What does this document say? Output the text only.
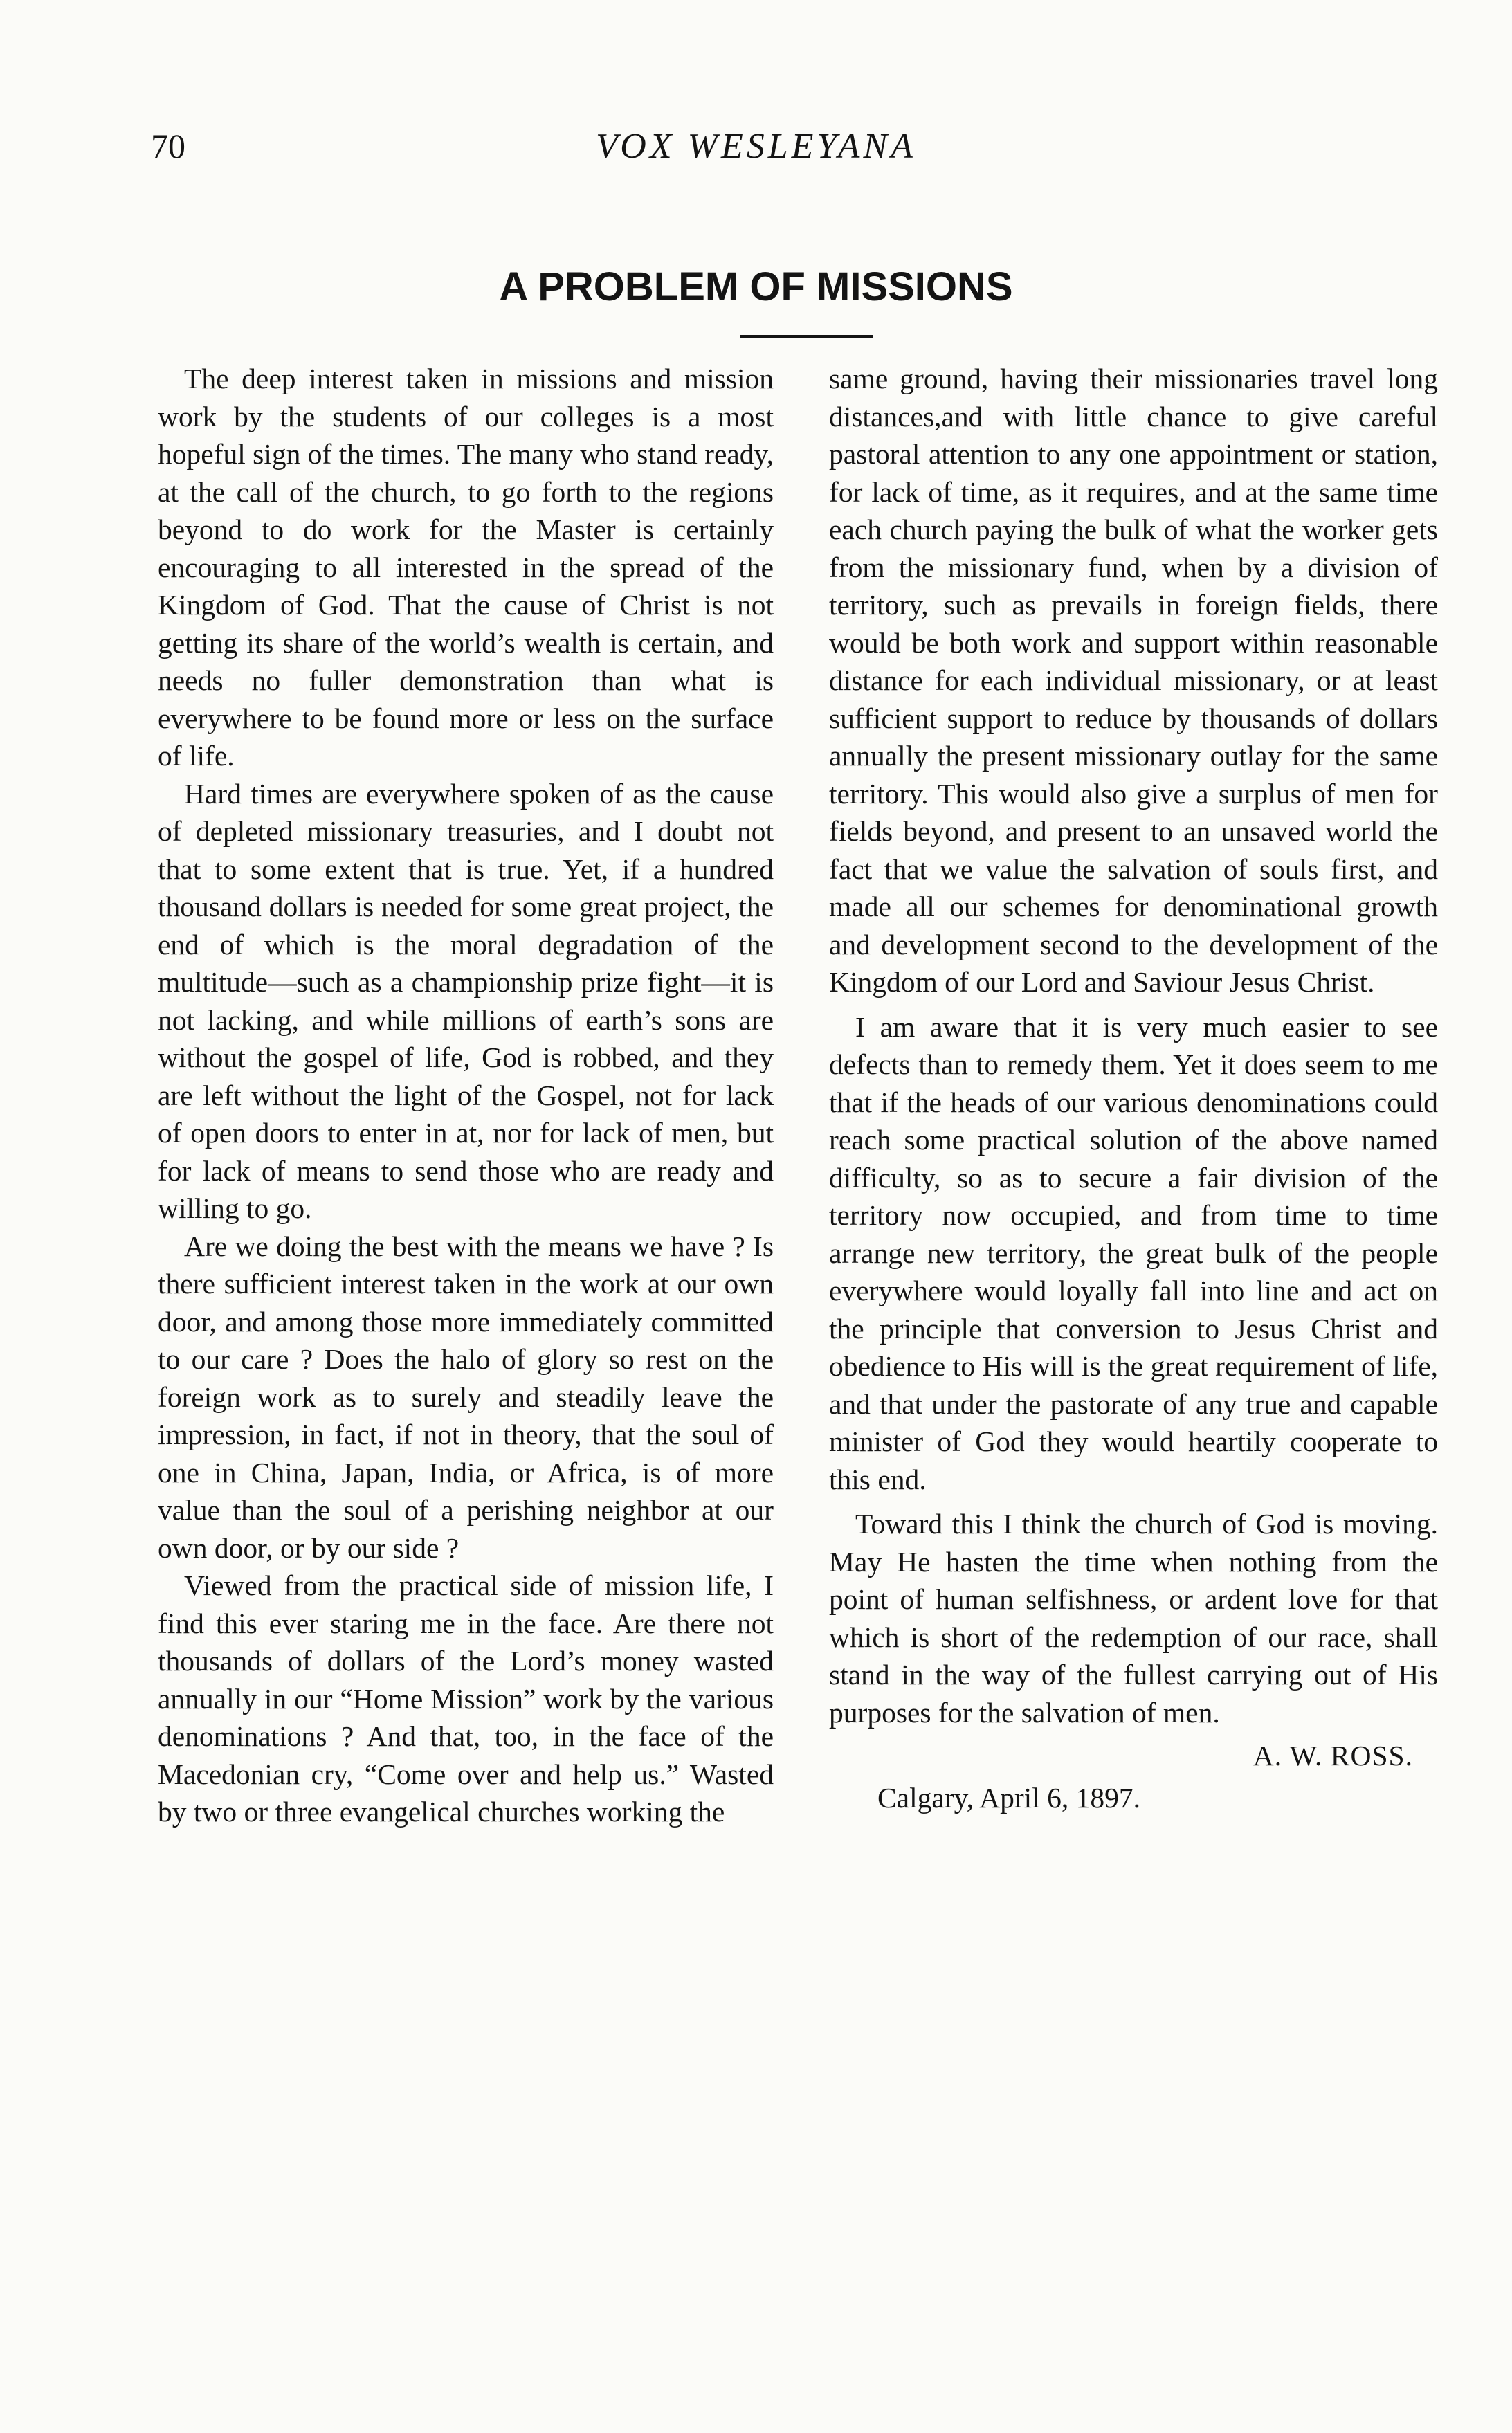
70	VOX WESLEYANA
A PROBLEM OF MISSIONS

The deep interest taken in missions and mission work by the students of our colleges is a most hopeful sign of the times. The many who stand ready, at the call of the church, to go forth to the regions beyond to do work for the Master is certainly encouraging to all interested in the spread of the Kingdom of God. That the cause of Christ is not getting its share of the world’s wealth is certain, and needs no fuller demonstration than what is everywhere to be found more or less on the surface of life.

Hard times are everywhere spoken of as the cause of depleted missionary treasuries, and I doubt not that to some extent that is true. Yet, if a hundred thousand dollars is needed for some great project, the end of which is the moral degradation of the multitude—such as a championship prize fight—it is not lacking, and while millions of earth’s sons are without the gospel of life, God is robbed, and they are left without the light of the Gospel, not for lack of open doors to enter in at, nor for lack of men, but for lack of means to send those who are ready and willing to go.

Are we doing the best with the means we have ? Is there sufficient interest taken in the work at our own door, and among those more immediately committed to our care ? Does the halo of glory so rest on the foreign work as to surely and steadily leave the impression, in fact, if not in theory, that the soul of one in China, Japan, India, or Africa, is of more value than the soul of a perishing neighbor at our own door, or by our side ?

Viewed from the practical side of mission life, I find this ever staring me in the face. Are there not thousands of dollars of the Lord’s money wasted annually in our “Home Mission” work by the various denominations ? And that, too, in the face of the Macedonian cry, “Come over and help us.” Wasted by two or three evangelical churches working the

same ground, having their missionaries travel long distances,and with little chance to give careful pastoral attention to any one appointment or station, for lack of time, as it requires, and at the same time each church paying the bulk of what the worker gets from the missionary fund, when by a division of territory, such as prevails in foreign fields, there would be both work and support within reasonable distance for each individual missionary, or at least sufficient support to reduce by thousands of dollars annually the present missionary outlay for the same territory. This would also give a surplus of men for fields beyond, and present to an unsaved world the fact that we value the salvation of souls first, and made all our schemes for denominational growth and development second to the development of the Kingdom of our Lord and Saviour Jesus Christ.

I am aware that it is very much easier to see defects than to remedy them. Yet it does seem to me that if the heads of our various denominations could reach some practical solution of the above named difficulty, so as to secure a fair division of the territory now occupied, and from time to time arrange new territory, the great bulk of the people everywhere would loyally fall into line and act on the principle that conversion to Jesus Christ and obedience to His will is the great requirement of life, and that under the pastorate of any true and capable minister of God they would heartily cooperate to this end.

Toward this I think the church of God is moving. May He hasten the time when nothing from the point of human selfishness, or ardent love for that which is short of the redemption of our race, shall stand in the way of the fullest carrying out of His purposes for the salvation of men.

A. W. ROSS.
Calgary, April 6, 1897.
